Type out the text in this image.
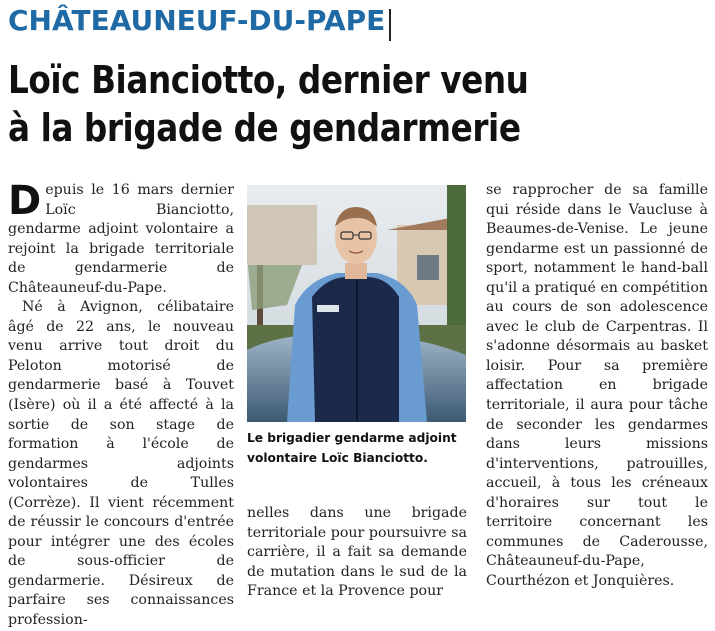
CHÂTEAUNEUF-DU-PAPE
Loïc Bianciotto, dernier venu
à la brigade de gendarmerie

Depuis le 16 mars dernier Loïc Bianciotto, gendarme adjoint volontaire a rejoint la brigade territoriale de gendarmerie de Châteauneuf-du-Pape.

Né à Avignon, célibataire âgé de 22 ans, le nouveau venu arrive tout droit du Peloton motorisé de gendarmerie basé à Touvet (Isère) où il a été affecté à la sortie de son stage de formation à l'école de gendarmes adjoints volontaires de Tulles (Corrèze). Il vient récemment de réussir le concours d'entrée pour intégrer une des écoles de sous-officier de gendarmerie. Désireux de parfaire ses connaissances profession-

Le brigadier gendarme adjoint volontaire Loïc Bianciotto.

nelles dans une brigade territoriale pour poursuivre sa carrière, il a fait sa demande de mutation dans le sud de la France et la Provence pour

se rapprocher de sa famille qui réside dans le Vaucluse à Beaumes-de-Venise. Le jeune gendarme est un passionné de sport, notamment le hand-ball qu'il a pratiqué en compétition au cours de son adolescence avec le club de Carpentras. Il s'adonne désormais au basket loisir. Pour sa première affectation en brigade territoriale, il aura pour tâche de seconder les gendarmes dans leurs missions d'interventions, patrouilles, accueil, à tous les créneaux d'horaires sur tout le territoire concernant les communes de Caderousse, Châteauneuf-du-Pape, Courthézon et Jonquières.
